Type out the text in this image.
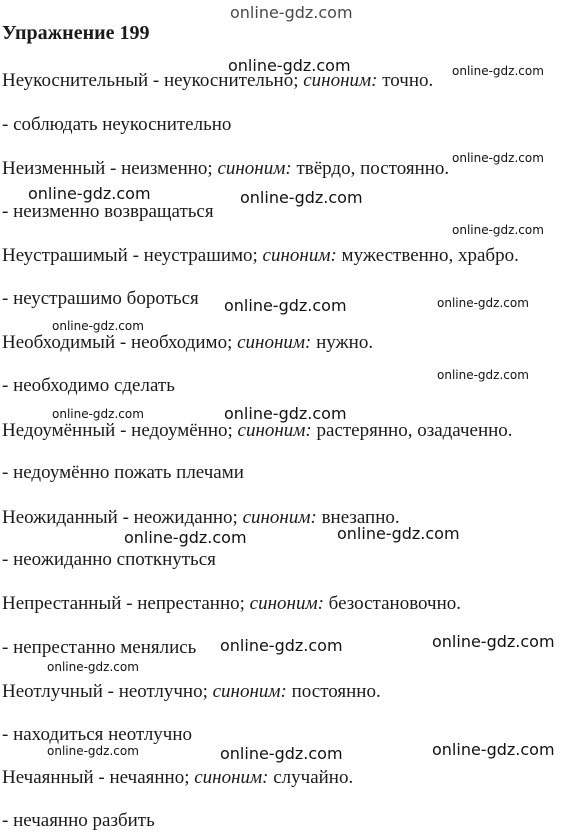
Упражнение 199
Неукоснительный - неукоснительно; синоним: точно.
- соблюдать неукоснительно
Неизменный - неизменно; синоним: твёрдо, постоянно.
- неизменно возвращаться
Неустрашимый - неустрашимо; синоним: мужественно, храбро.
- неустрашимо бороться
Необходимый - необходимо; синоним: нужно.
- необходимо сделать
Недоумённый - недоумённо; синоним: растерянно, озадаченно.
- недоумённо пожать плечами
Неожиданный - неожиданно; синоним: внезапно.
- неожиданно споткнуться
Непрестанный - непрестанно; синоним: безостановочно.
- непрестанно менялись
Неотлучный - неотлучно; синоним: постоянно.
- находиться неотлучно
Нечаянный - нечаянно; синоним: случайно.
- нечаянно разбить
online-gdz.com
online-gdz.com	online-gdz.com
online-gdz.com
online-gdz.com	online-gdz.com
online-gdz.com
online-gdz.com	online-gdz.com
online-gdz.com
online-gdz.com
online-gdz.com	online-gdz.com
online-gdz.com	online-gdz.com
online-gdz.com	online-gdz.com
online-gdz.com
online-gdz.com	online-gdz.com	online-gdz.com
